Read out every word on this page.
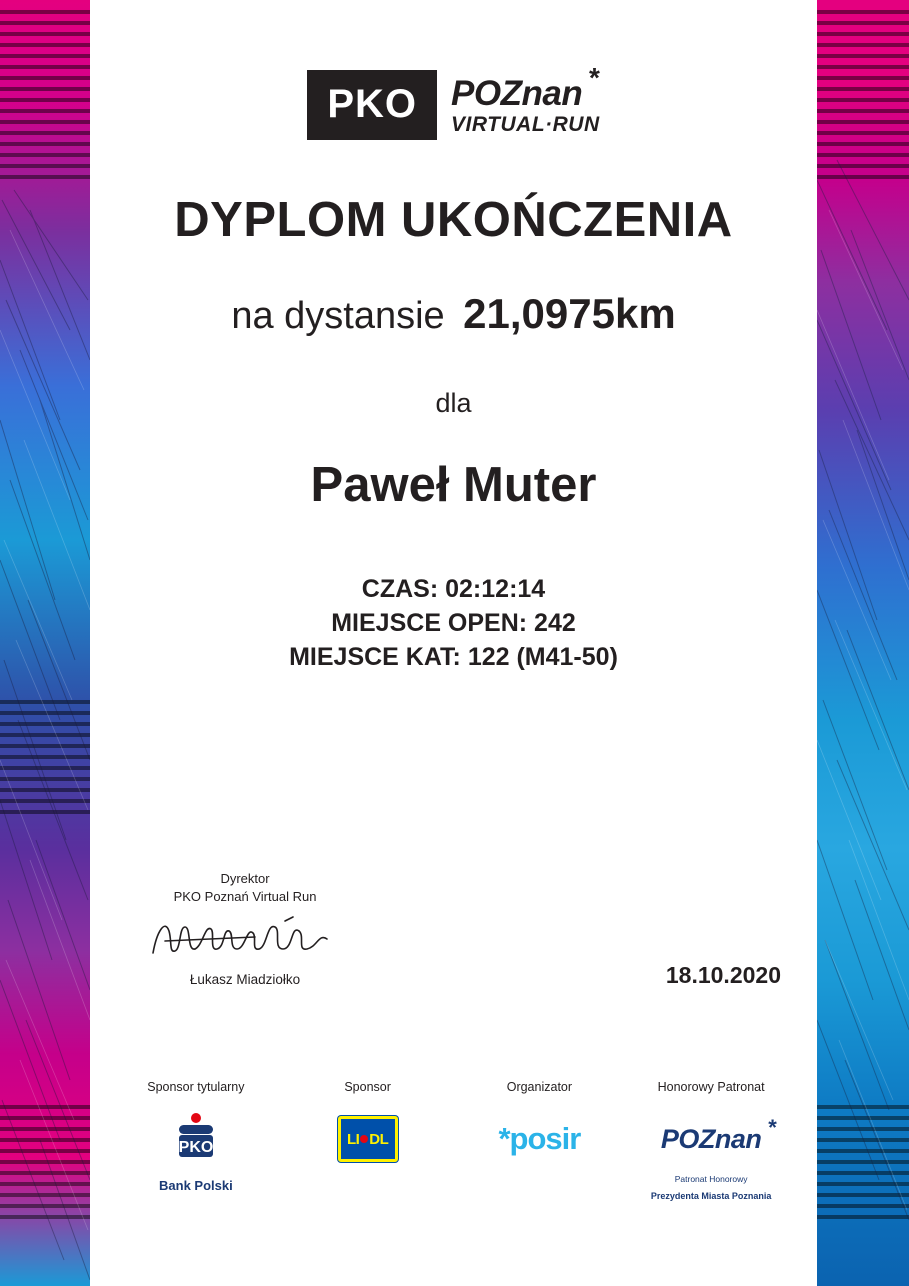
PKO POZnan *
VIRTUAL·RUN
DYPLOM UKOŃCZENIA
na dystansie 21,0975km
dla
Paweł Muter
CZAS: 02:12:14
MIEJSCE OPEN: 242
MIEJSCE KAT: 122 (M41-50)
Dyrektor
PKO Poznań Virtual Run
Łukasz Miadziołko	18.10.2020
Sponsor tytularny
PKO
Bank Polski
Sponsor
LI DL
Organizator
* posir
Honorowy Patronat
POZnan *
Patronat Honorowy
Prezydenta Miasta Poznania
